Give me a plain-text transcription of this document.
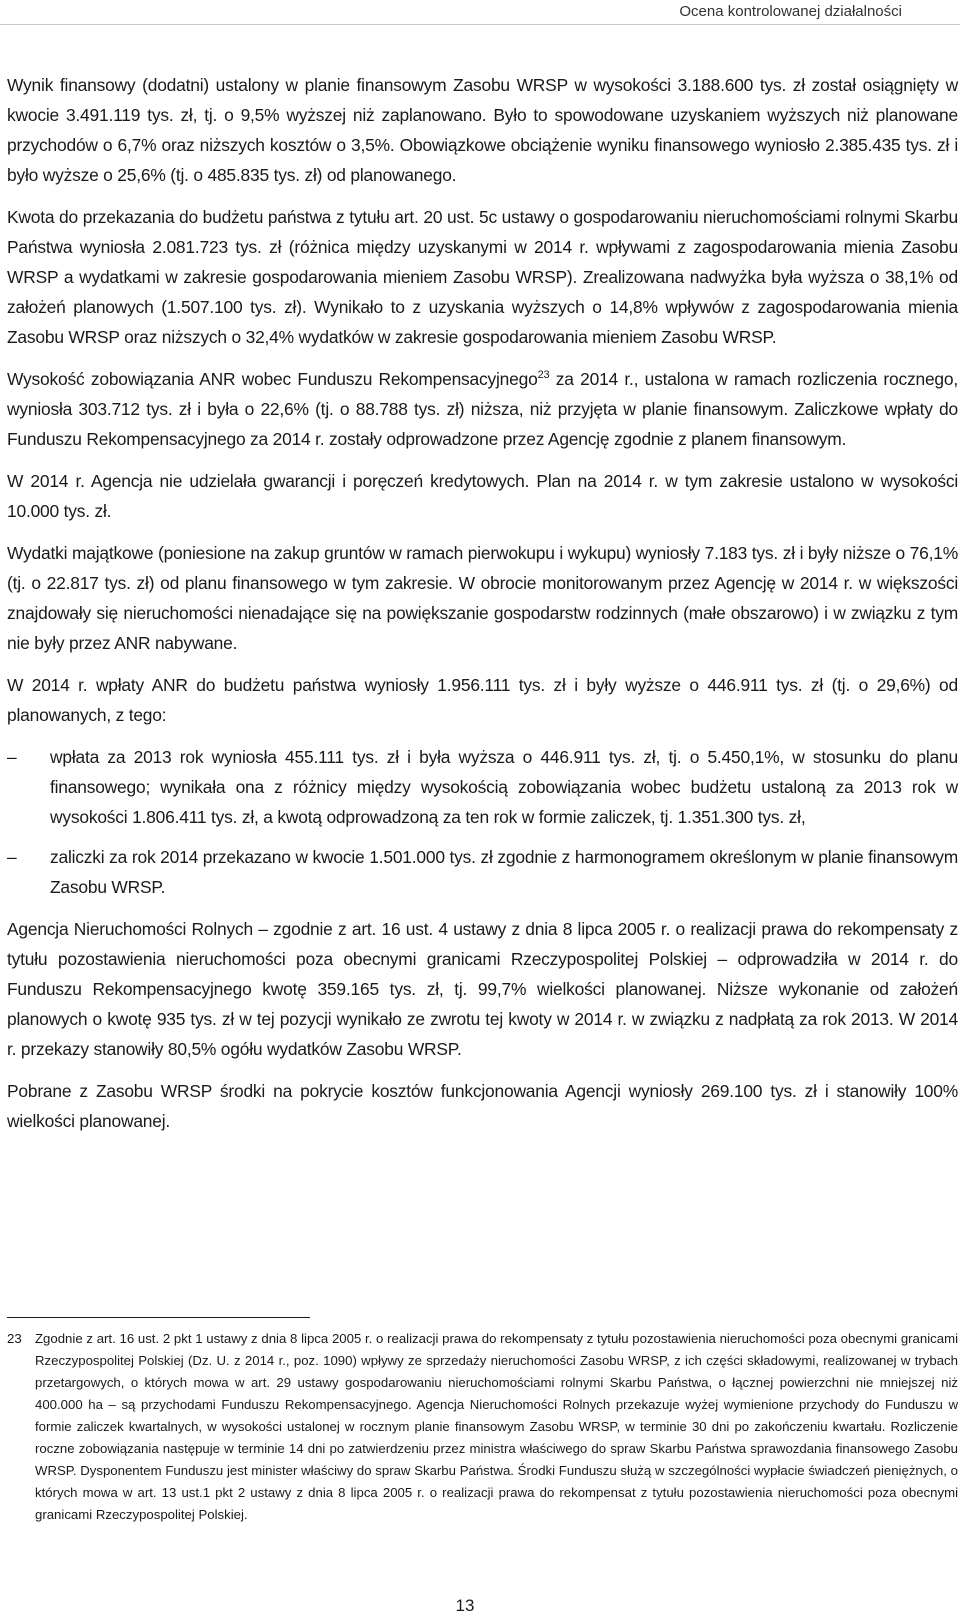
Ocena kontrolowanej działalności

Wynik finansowy (dodatni) ustalony w planie finansowym Zasobu WRSP w wysokości 3.188.600 tys. zł został osiągnięty w kwocie 3.491.119 tys. zł, tj. o 9,5% wyższej niż zaplanowano. Było to spowodowane uzyskaniem wyższych niż planowane przychodów o 6,7% oraz niższych kosztów o 3,5%. Obowiązkowe obciążenie wyniku finansowego wyniosło 2.385.435 tys. zł i było wyższe o 25,6% (tj. o 485.835 tys. zł) od planowanego.

Kwota do przekazania do budżetu państwa z tytułu art. 20 ust. 5c ustawy o gospodarowaniu nieruchomościami rolnymi Skarbu Państwa wyniosła 2.081.723 tys. zł (różnica między uzyskanymi w 2014 r. wpływami z zagospodarowania mienia Zasobu WRSP a wydatkami w zakresie gospodarowania mieniem Zasobu WRSP). Zrealizowana nadwyżka była wyższa o 38,1% od założeń planowych (1.507.100 tys. zł). Wynikało to z uzyskania wyższych o 14,8% wpływów z zagospodarowania mienia Zasobu WRSP oraz niższych o 32,4% wydatków w zakresie gospodarowania mieniem Zasobu WRSP.

Wysokość zobowiązania ANR wobec Funduszu Rekompensacyjnego$^{23}$ za 2014 r., ustalona w ramach rozliczenia rocznego, wyniosła 303.712 tys. zł i była o 22,6% (tj. o 88.788 tys. zł) niższa, niż przyjęta w planie finansowym. Zaliczkowe wpłaty do Funduszu Rekompensacyjnego za 2014 r. zostały odprowadzone przez Agencję zgodnie z planem finansowym.

W 2014 r. Agencja nie udzielała gwarancji i poręczeń kredytowych. Plan na 2014 r. w tym zakresie ustalono w wysokości 10.000 tys. zł.

Wydatki majątkowe (poniesione na zakup gruntów w ramach pierwokupu i wykupu) wyniosły 7.183 tys. zł i były niższe o 76,1% (tj. o 22.817 tys. zł) od planu finansowego w tym zakresie. W obrocie monitorowanym przez Agencję w 2014 r. w większości znajdowały się nieruchomości nienadające się na powiększanie gospodarstw rodzinnych (małe obszarowo) i w związku z tym nie były przez ANR nabywane.

W 2014 r. wpłaty ANR do budżetu państwa wyniosły 1.956.111 tys. zł i były wyższe o 446.911 tys. zł (tj. o 29,6%) od planowanych, z tego:

– wpłata za 2013 rok wyniosła 455.111 tys. zł i była wyższa o 446.911 tys. zł, tj. o 5.450,1%, w stosunku do planu finansowego; wynikała ona z różnicy między wysokością zobowiązania wobec budżetu ustaloną za 2013 rok w wysokości 1.806.411 tys. zł, a kwotą odprowadzoną za ten rok w formie zaliczek, tj. 1.351.300 tys. zł,
– zaliczki za rok 2014 przekazano w kwocie 1.501.000 tys. zł zgodnie z harmonogramem określonym w planie finansowym Zasobu WRSP.

Agencja Nieruchomości Rolnych – zgodnie z art. 16 ust. 4 ustawy z dnia 8 lipca 2005 r. o realizacji prawa do rekompensaty z tytułu pozostawienia nieruchomości poza obecnymi granicami Rzeczypospolitej Polskiej – odprowadziła w 2014 r. do Funduszu Rekompensacyjnego kwotę 359.165 tys. zł, tj. 99,7% wielkości planowanej. Niższe wykonanie od założeń planowych o kwotę 935 tys. zł w tej pozycji wynikało ze zwrotu tej kwoty w 2014 r. w związku z nadpłatą za rok 2013. W 2014 r. przekazy stanowiły 80,5% ogółu wydatków Zasobu WRSP.

Pobrane z Zasobu WRSP środki na pokrycie kosztów funkcjonowania Agencji wyniosły 269.100 tys. zł i stanowiły 100% wielkości planowanej.

23 Zgodnie z art. 16 ust. 2 pkt 1 ustawy z dnia 8 lipca 2005 r. o realizacji prawa do rekompensaty z tytułu pozostawienia nieruchomości poza obecnymi granicami Rzeczypospolitej Polskiej (Dz. U. z 2014 r., poz. 1090) wpływy ze sprzedaży nieruchomości Zasobu WRSP, z ich części składowymi, realizowanej w trybach przetargowych, o których mowa w art. 29 ustawy gospodarowaniu nieruchomościami rolnymi Skarbu Państwa, o łącznej powierzchni nie mniejszej niż 400.000 ha – są przychodami Funduszu Rekompensacyjnego. Agencja Nieruchomości Rolnych przekazuje wyżej wymienione przychody do Funduszu w formie zaliczek kwartalnych, w wysokości ustalonej w rocznym planie finansowym Zasobu WRSP, w terminie 30 dni po zakończeniu kwartału. Rozliczenie roczne zobowiązania następuje w terminie 14 dni po zatwierdzeniu przez ministra właściwego do spraw Skarbu Państwa sprawozdania finansowego Zasobu WRSP. Dysponentem Funduszu jest minister właściwy do spraw Skarbu Państwa. Środki Funduszu służą w szczególności wypłacie świadczeń pieniężnych, o których mowa w art. 13 ust.1 pkt 2 ustawy z dnia 8 lipca 2005 r. o realizacji prawa do rekompensat z tytułu pozostawienia nieruchomości poza obecnymi granicami Rzeczypospolitej Polskiej.
13
